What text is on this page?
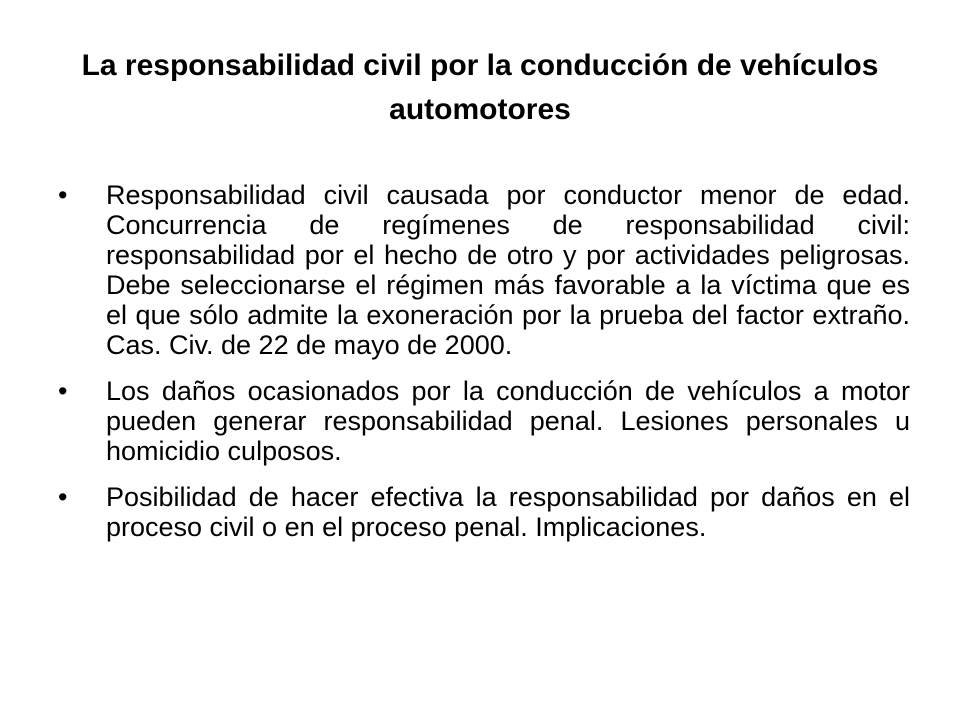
La responsabilidad civil por la conducción de vehículos automotores
•	Responsabilidad civil causada por conductor menor de edad. Concurrencia de regímenes de responsabilidad civil: responsabilidad por el hecho de otro y por actividades peligrosas. Debe seleccionarse el régimen más favorable a la víctima que es el que sólo admite la exoneración por la prueba del factor extraño. Cas. Civ. de 22 de mayo de 2000.
•	Los daños ocasionados por la conducción de vehículos a motor pueden generar responsabilidad penal. Lesiones personales u homicidio culposos.
•	Posibilidad de hacer efectiva la responsabilidad por daños en el proceso civil o en el proceso penal. Implicaciones.
